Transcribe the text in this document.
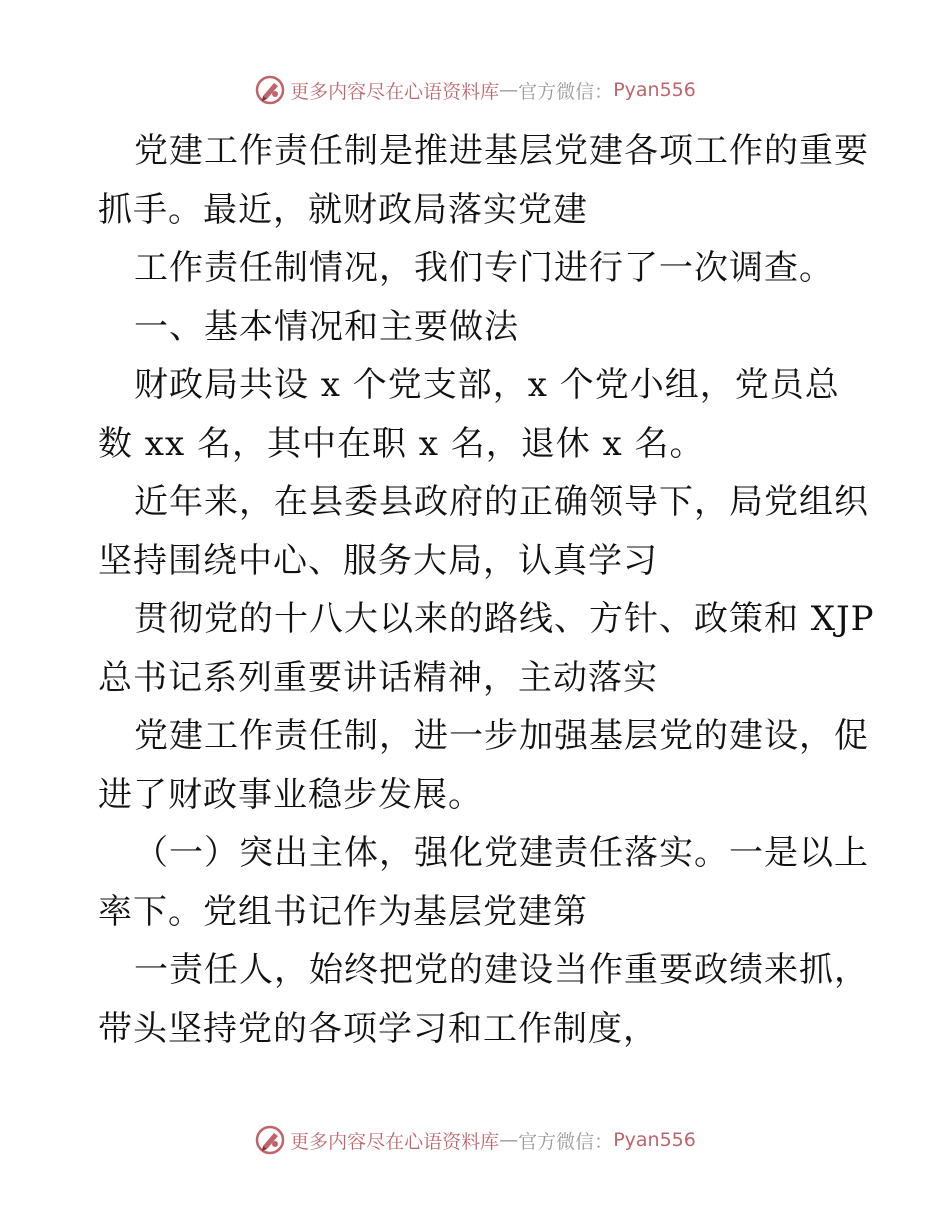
更多内容尽在心语资料库 — 官方微信： Pyan556
党建工作责任制是推进基层党建各项工作的重要
抓手。最近，就财政局落实党建
工作责任制情况，我们专门进行了一次调查。
一、基本情况和主要做法
财政局共设 x 个党支部，x 个党小组，党员总
数 xx 名，其中在职 x 名，退休 x 名。
近年来，在县委县政府的正确领导下，局党组织
坚持围绕中心、服务大局，认真学习
贯彻党的十八大以来的路线、方针、政策和 XJP
总书记系列重要讲话精神，主动落实
党建工作责任制，进一步加强基层党的建设，促
进了财政事业稳步发展。
（一）突出主体，强化党建责任落实。一是以上
率下。党组书记作为基层党建第
一责任人，始终把党的建设当作重要政绩来抓，
带头坚持党的各项学习和工作制度，
更多内容尽在心语资料库 — 官方微信： Pyan556
